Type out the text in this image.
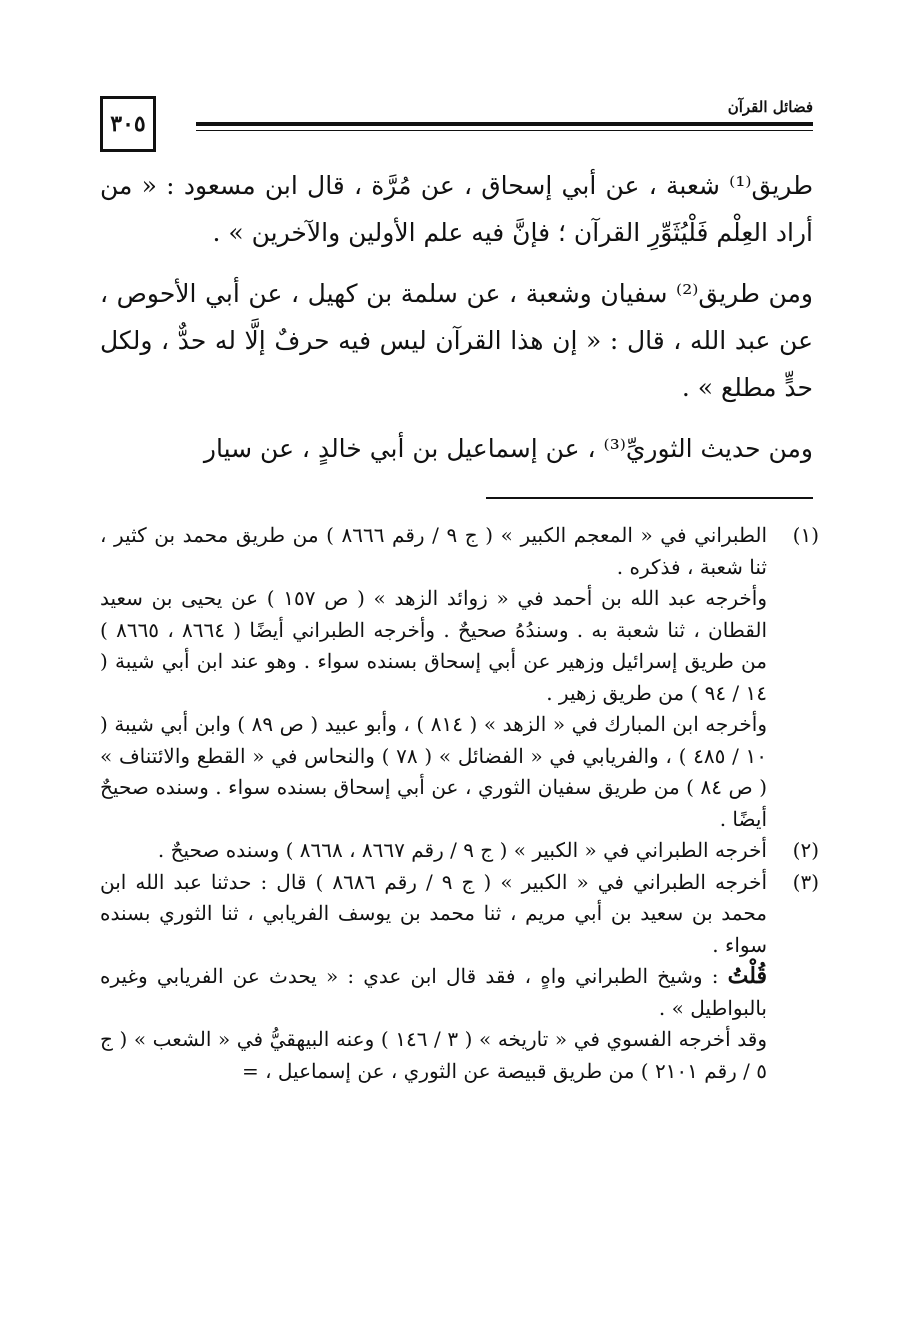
٣٠٥
فضائل القرآن

طريق⁽¹⁾ شعبة ، عن أبي إسحاق ، عن مُرَّة ، قال ابن مسعود : « من أراد العِلْم فَلْيُثَوِّرِ القرآن ؛ فإنَّ فيه علم الأولين والآخرين » .

ومن طريق⁽²⁾ سفيان وشعبة ، عن سلمة بن كهيل ، عن أبي الأحوص ، عن عبد الله ، قال : « إن هذا القرآن ليس فيه حرفٌ إلَّا له حدٌّ ، ولكل حدٍّ مطلع » .

ومن حديث الثوريِّ⁽³⁾ ، عن إسماعيل بن أبي خالدٍ ، عن سيار

(١)

الطبراني في « المعجم الكبير » ( ج ٩ / رقم ٨٦٦٦ ) من طريق محمد بن كثير ، ثنا شعبة ، فذكره .

وأخرجه عبد الله بن أحمد في « زوائد الزهد » ( ص ١٥٧ ) عن يحيى بن سعيد القطان ، ثنا شعبة به . وسندُهُ صحيحٌ . وأخرجه الطبراني أيضًا ( ٨٦٦٤ ، ٨٦٦٥ ) من طريق إسرائيل وزهير عن أبي إسحاق بسنده سواء . وهو عند ابن أبي شيبة ( ١٤ / ٩٤ ) من طريق زهير .

وأخرجه ابن المبارك في « الزهد » ( ٨١٤ ) ، وأبو عبيد ( ص ٨٩ ) وابن أبي شيبة ( ١٠ / ٤٨٥ ) ، والفريابي في « الفضائل » ( ٧٨ ) والنحاس في « القطع والائتناف » ( ص ٨٤ ) من طريق سفيان الثوري ، عن أبي إسحاق بسنده سواء . وسنده صحيحٌ أيضًا .

(٢)

أخرجه الطبراني في « الكبير » ( ج ٩ / رقم ٨٦٦٧ ، ٨٦٦٨ ) وسنده صحيحٌ .

(٣)

أخرجه الطبراني في « الكبير » ( ج ٩ / رقم ٨٦٨٦ ) قال : حدثنا عبد الله ابن محمد بن سعيد بن أبي مريم ، ثنا محمد بن يوسف الفريابي ، ثنا الثوري بسنده سواء .

قُلْتُ : وشيخ الطبراني واهٍ ، فقد قال ابن عدي : « يحدث عن الفريابي وغيره بالبواطيل » .

وقد أخرجه الفسوي في « تاريخه » ( ٣ / ١٤٦ ) وعنه البيهقيُّ في « الشعب » ( ج ٥ / رقم ٢١٠١ ) من طريق قبيصة عن الثوري ، عن إسماعيل ، =
